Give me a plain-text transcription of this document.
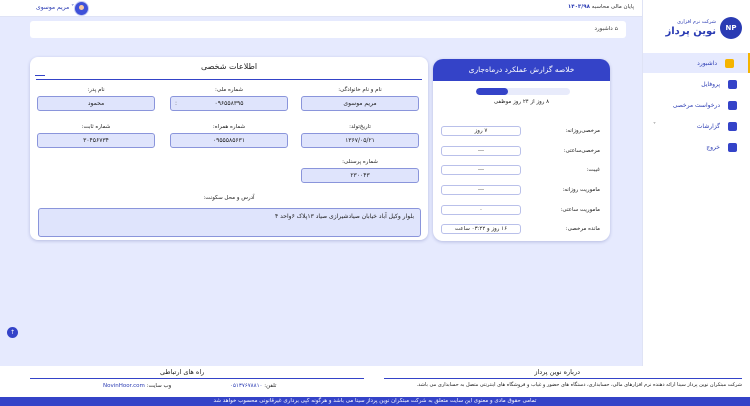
پایان مالی محاسبه ۱۴۰۳/۹۸
مریم موسوی ˅
NP
شرکت نرم افزاری
نوین پرداز
داشبورد
پروفایل
درخواست مرخصی
گزارشات
˅
خروج
⌂ داشبورد
خلاصه گزارش عملکرد درماه‌جاری
۸ روز از ۲۴ روز موظفی
مرخصی‌روزانه:
۷ روز
مرخصی‌ساعتی:
---
غیبت:
---
ماموریت روزانه:
---
ماموریت ساعتی:
۰
مانده مرخصی:
۱۶ روز و ۰۳:۲۲ ساعت
اطلاعات شخصی
نام و نام خانوادگی:
مریم موسوی
شماره ملی:
:	۰۹۶۵۵۸۳۹۵
نام پدر:
محمود
تاریخ‌تولد:
۱۳۶۷/۰۵/۲۱
شماره همراه:
۰۹۵۵۵۸۵۶۳۱
شماره ثابت:
۳۰۴۵۶۷۳۴
شماره پرسنلی:
۲۳۰۰۴۳
آدرس و محل سکونت:
بلوار وکیل آباد خیابان صیادشیرازی صیاد ۱۳پلاک ۶واحد ۴
↑
درباره نوین پرداز
راه های ارتباطی
شرکت مبتکران نوین پرداز سینا ارائه دهنده نرم افزارهای مالی، حسابداری، دستگاه های حضور و غیاب و فروشگاه های اینترنتی متصل به حسابداری می باشد.
تلفن: ۰۵۱۳۷۶۷۸۸۱۰
وب سایت: NovinHoor.com
تمامی حقوق مادی و معنوی این سایت متعلق به شرکت مبتکران نوین پرداز سینا می باشد و هرگونه کپی برداری غیرقانونی محسوب خواهد شد
